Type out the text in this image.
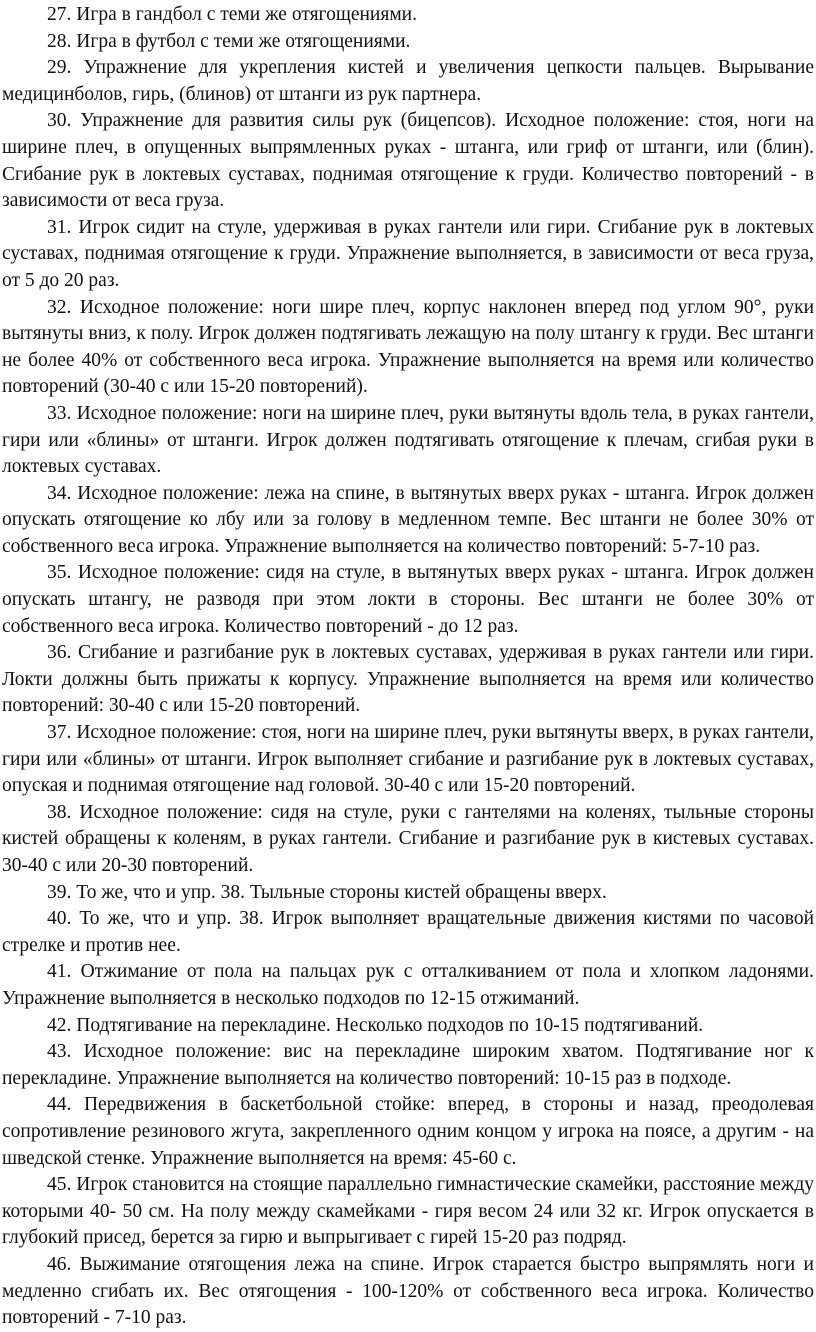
27. Игра в гандбол с теми же отягощениями.

28. Игра в футбол с теми же отягощениями.

29. Упражнение для укрепления кистей и увеличения цепкости пальцев. Вырывание медицинболов, гирь, (блинов) от штанги из рук партнера.

30. Упражнение для развития силы рук (бицепсов). Исходное положение: стоя, ноги на ширине плеч, в опущенных выпрямленных руках - штанга, или гриф от штанги, или (блин). Сгибание рук в локтевых суставах, поднимая отягощение к груди. Количество повторений - в зависимости от веса груза.

31. Игрок сидит на стуле, удерживая в руках гантели или гири. Сгибание рук в локтевых суставах, поднимая отягощение к груди. Упражнение выполняется, в зависимости от веса груза, от 5 до 20 раз.

32. Исходное положение: ноги шире плеч, корпус наклонен вперед под углом 90°, руки вытянуты вниз, к полу. Игрок должен подтягивать лежащую на полу штангу к груди. Вес штанги не более 40% от собственного веса игрока. Упражнение выполняется на время или количество повторений (30-40 с или 15-20 повторений).

33. Исходное положение: ноги на ширине плеч, руки вытянуты вдоль тела, в руках гантели, гири или «блины» от штанги. Игрок должен подтягивать отягощение к плечам, сгибая руки в локтевых суставах.

34. Исходное положение: лежа на спине, в вытянутых вверх руках - штанга. Игрок должен опускать отягощение ко лбу или за голову в медленном темпе. Вес штанги не более 30% от собственного веса игрока. Упражнение выполняется на количество повторений: 5-7-10 раз.

35. Исходное положение: сидя на стуле, в вытянутых вверх руках - штанга. Игрок должен опускать штангу, не разводя при этом локти в стороны. Вес штанги не более 30% от собственного веса игрока. Количество повторений - до 12 раз.

36. Сгибание и разгибание рук в локтевых суставах, удерживая в руках гантели или гири. Локти должны быть прижаты к корпусу. Упражнение выполняется на время или количество повторений: 30-40 с или 15-20 повторений.

37. Исходное положение: стоя, ноги на ширине плеч, руки вытянуты вверх, в руках гантели, гири или «блины» от штанги. Игрок выполняет сгибание и разгибание рук в локтевых суставах, опуская и поднимая отягощение над головой. 30-40 с или 15-20 повторений.

38. Исходное положение: сидя на стуле, руки с гантелями на коленях, тыльные стороны кистей обращены к коленям, в руках гантели. Сгибание и разгибание рук в кистевых суставах. 30-40 с или 20-30 повторений.

39. То же, что и упр. 38. Тыльные стороны кистей обращены вверх.

40. То же, что и упр. 38. Игрок выполняет вращательные движения кистями по часовой стрелке и против нее.

41. Отжимание от пола на пальцах рук с отталкиванием от пола и хлопком ладонями. Упражнение выполняется в несколько подходов по 12-15 отжиманий.

42. Подтягивание на перекладине. Несколько подходов по 10-15 подтягиваний.

43. Исходное положение: вис на перекладине широким хватом. Подтягивание ног к перекладине. Упражнение выполняется на количество повторений: 10-15 раз в подходе.

44. Передвижения в баскетбольной стойке: вперед, в стороны и назад, преодолевая сопротивление резинового жгута, закрепленного одним концом у игрока на поясе, а другим - на шведской стенке. Упражнение выполняется на время: 45-60 с.

45. Игрок становится на стоящие параллельно гимнастические скамейки, расстояние между которыми 40- 50 см. На полу между скамейками - гиря весом 24 или 32 кг. Игрок опускается в глубокий присед, берется за гирю и выпрыгивает с гирей 15-20 раз подряд.

46. Выжимание отягощения лежа на спине. Игрок старается быстро выпрямлять ноги и медленно сгибать их. Вес отягощения - 100-120% от собственного веса игрока. Количество повторений - 7-10 раз.
